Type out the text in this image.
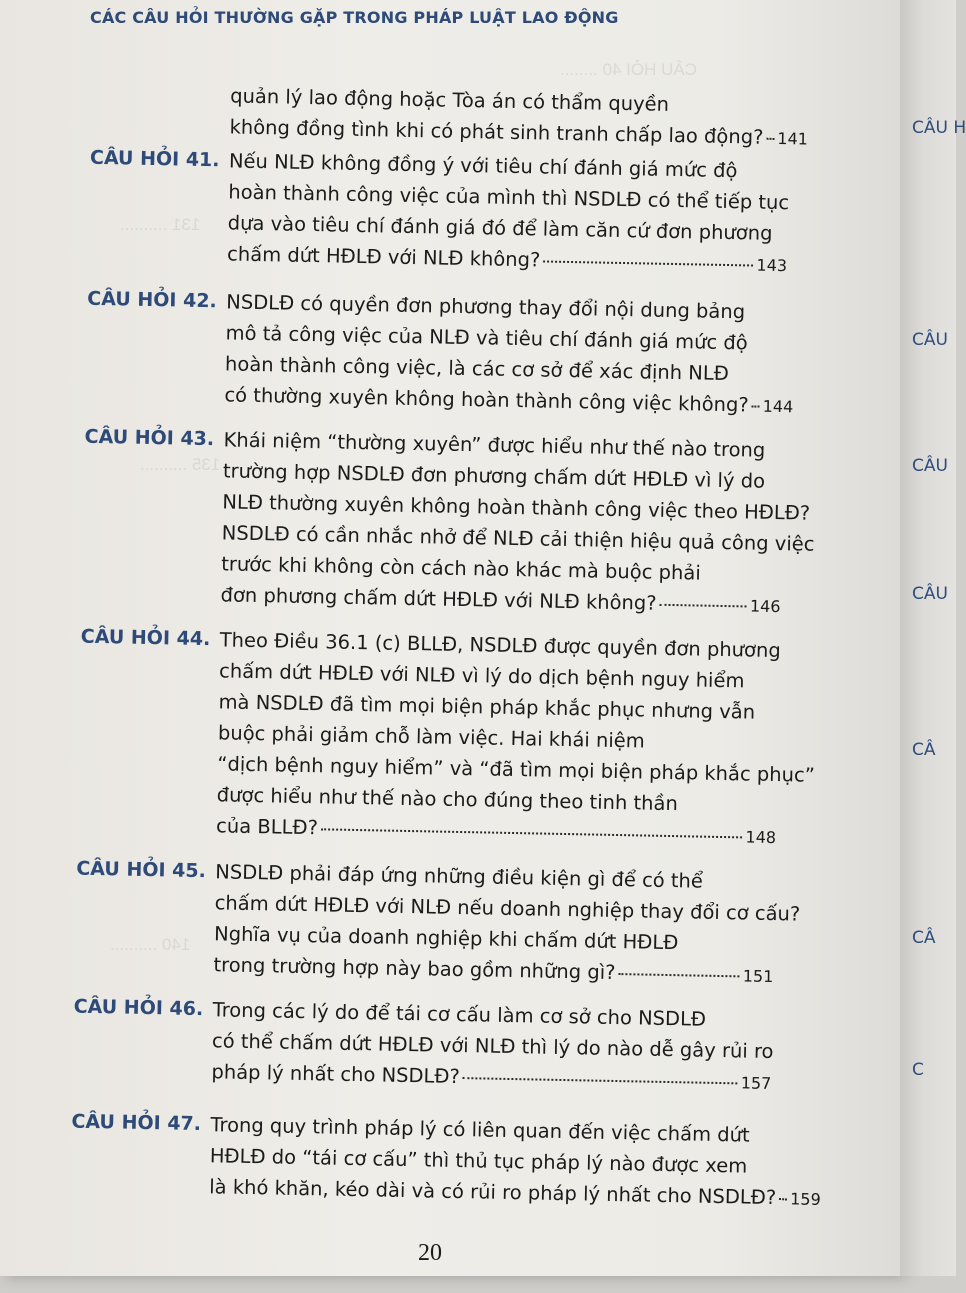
CÂU HỎI 40 ........
131 ..........
135 ..........
140 ..........
CÁC CÂU HỎI THƯỜNG GẶP TRONG PHÁP LUẬT LAO ĐỘNG
quản lý lao động hoặc Tòa án có thẩm quyền
không đồng tình khi có phát sinh tranh chấp lao động? 141
CÂU HỎI 41. Nếu NLĐ không đồng ý với tiêu chí đánh giá mức độ
hoàn thành công việc của mình thì NSDLĐ có thể tiếp tục
dựa vào tiêu chí đánh giá đó để làm căn cứ đơn phương
chấm dứt HĐLĐ với NLĐ không?	143
CÂU HỎI 42. NSDLĐ có quyền đơn phương thay đổi nội dung bảng
mô tả công việc của NLĐ và tiêu chí đánh giá mức độ
hoàn thành công việc, là các cơ sở để xác định NLĐ
có thường xuyên không hoàn thành công việc không? 144
CÂU HỎI 43. Khái niệm “thường xuyên” được hiểu như thế nào trong
trường hợp NSDLĐ đơn phương chấm dứt HĐLĐ vì lý do
NLĐ thường xuyên không hoàn thành công việc theo HĐLĐ?
NSDLĐ có cần nhắc nhở để NLĐ cải thiện hiệu quả công việc
trước khi không còn cách nào khác mà buộc phải
đơn phương chấm dứt HĐLĐ với NLĐ không?	146
CÂU HỎI 44. Theo Điều 36.1 (c) BLLĐ, NSDLĐ được quyền đơn phương
chấm dứt HĐLĐ với NLĐ vì lý do dịch bệnh nguy hiểm
mà NSDLĐ đã tìm mọi biện pháp khắc phục nhưng vẫn
buộc phải giảm chỗ làm việc. Hai khái niệm
“dịch bệnh nguy hiểm” và “đã tìm mọi biện pháp khắc phục”
được hiểu như thế nào cho đúng theo tinh thần
của BLLĐ?	148
CÂU HỎI 45. NSDLĐ phải đáp ứng những điều kiện gì để có thể
chấm dứt HĐLĐ với NLĐ nếu doanh nghiệp thay đổi cơ cấu?
Nghĩa vụ của doanh nghiệp khi chấm dứt HĐLĐ
trong trường hợp này bao gồm những gì?	151
CÂU HỎI 46. Trong các lý do để tái cơ cấu làm cơ sở cho NSDLĐ
có thể chấm dứt HĐLĐ với NLĐ thì lý do nào dễ gây rủi ro
pháp lý nhất cho NSDLĐ?	157
CÂU HỎI 47. Trong quy trình pháp lý có liên quan đến việc chấm dứt
HĐLĐ do “tái cơ cấu” thì thủ tục pháp lý nào được xem
là khó khăn, kéo dài và có rủi ro pháp lý nhất cho NSDLĐ? 159
20
CÂU H
CÂU
CÂU
CÂU
CÂ
CÂ
C
